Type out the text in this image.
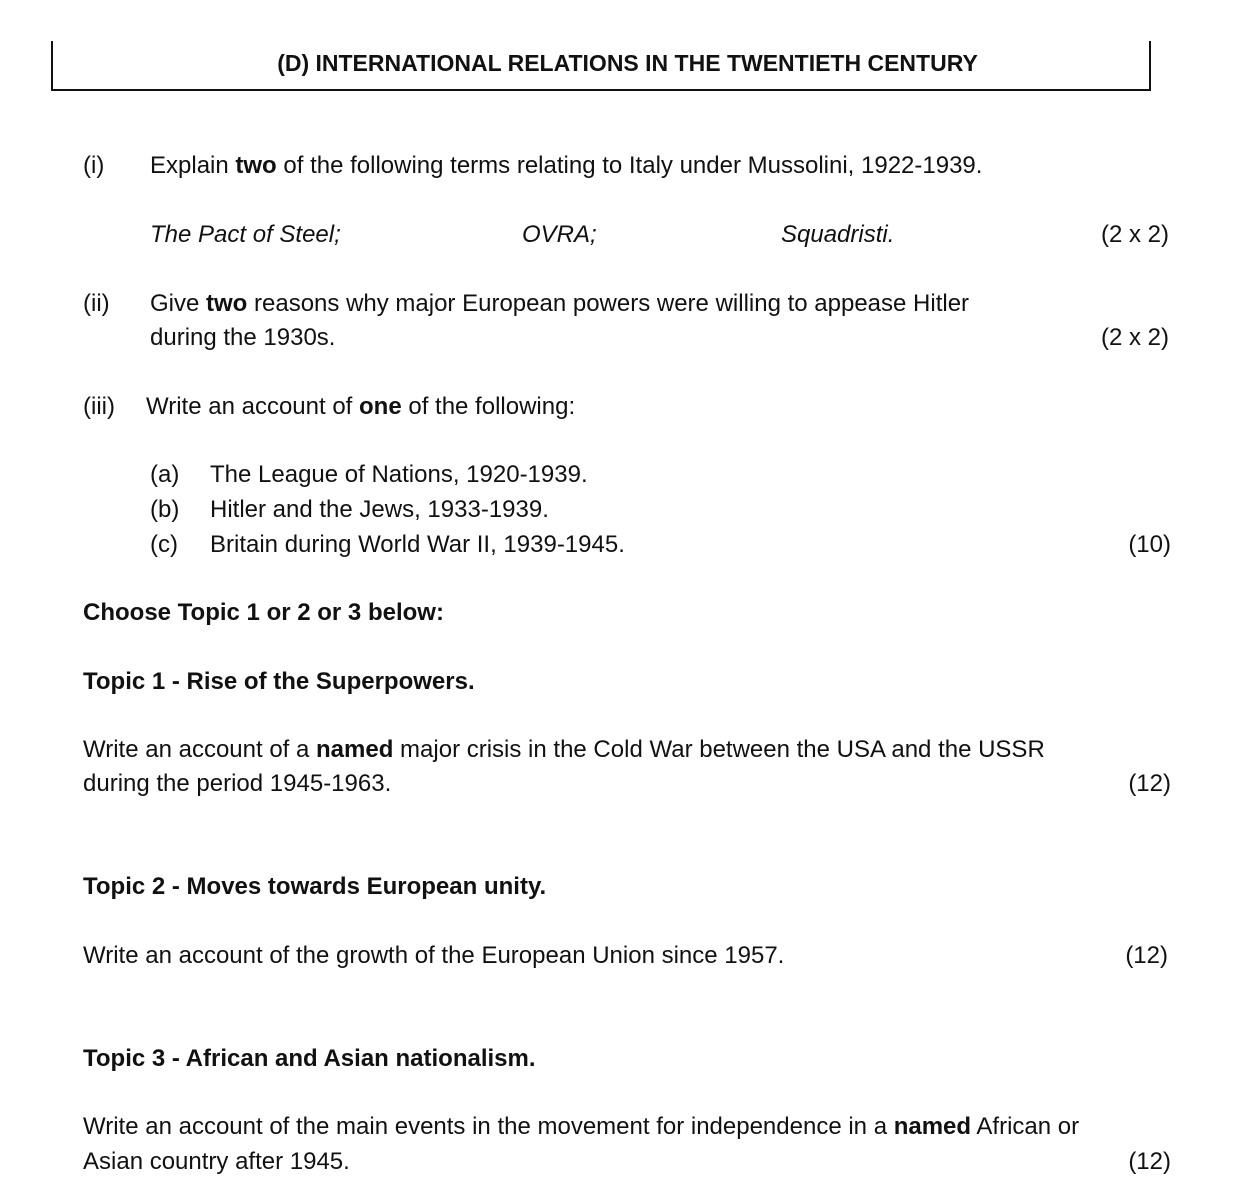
(D) INTERNATIONAL RELATIONS IN THE TWENTIETH CENTURY
(i) Explain two of the following terms relating to Italy under Mussolini, 1922-1939.
The Pact of Steel;	OVRA;	Squadristi.	(2 x 2)
(ii) Give two reasons why major European powers were willing to appease Hitler
during the 1930s.	(2 x 2)
(iii) Write an account of one of the following:
(a) The League of Nations, 1920-1939.
(b) Hitler and the Jews, 1933-1939.
(c) Britain during World War II, 1939-1945.	(10)
Choose Topic 1 or 2 or 3 below:
Topic 1 - Rise of the Superpowers.
Write an account of a named major crisis in the Cold War between the USA and the USSR
during the period 1945-1963.	(12)
Topic 2 - Moves towards European unity.
Write an account of the growth of the European Union since 1957.	(12)
Topic 3 - African and Asian nationalism.
Write an account of the main events in the movement for independence in a named African or
Asian country after 1945.	(12)
